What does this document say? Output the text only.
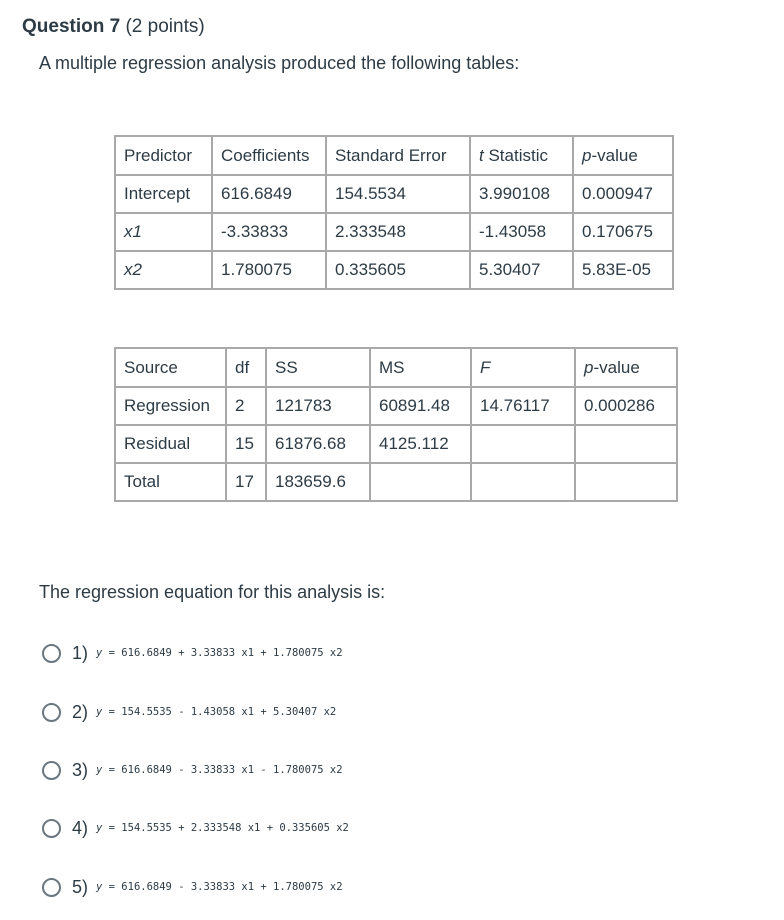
Question 7 (2 points)
A multiple regression analysis produced the following tables:
Predictor	Coefficients	Standard Error	t Statistic	p-value
Intercept	616.6849	154.5534	3.990108	0.000947
x1	-3.33833	2.333548	-1.43058	0.170675
x2	1.780075	0.335605	5.30407	5.83E-05
Source	df	SS	MS	F	p-value
Regression	2	121783	60891.48	14.76117	0.000286
Residual	15	61876.68	4125.112		
Total	17	183659.6			
The regression equation for this analysis is:
1) y = 616.6849 + 3.33833 x1 + 1.780075 x2
2) y = 154.5535 - 1.43058 x1 + 5.30407 x2
3) y = 616.6849 - 3.33833 x1 - 1.780075 x2
4) y = 154.5535 + 2.333548 x1 + 0.335605 x2
5) y = 616.6849 - 3.33833 x1 + 1.780075 x2
